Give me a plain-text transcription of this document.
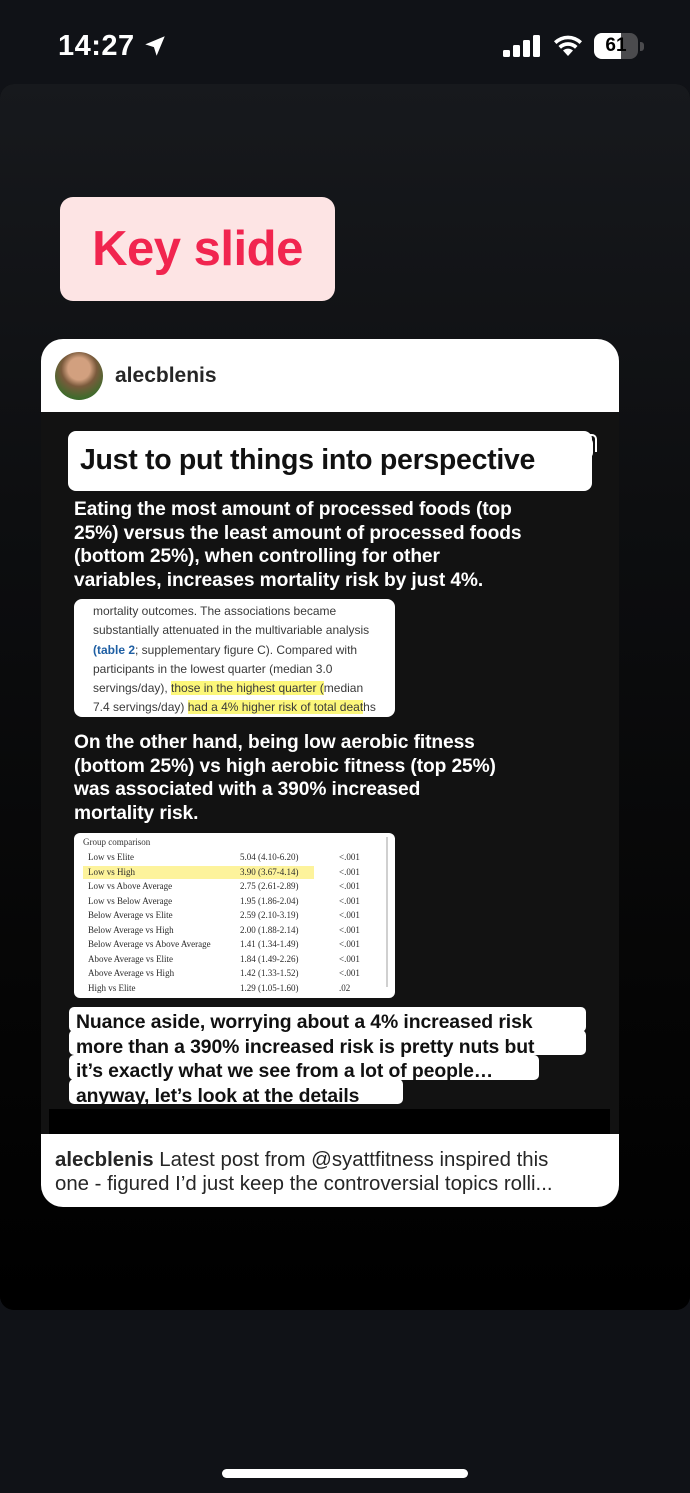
14:27	61
Key slide
alecblenis
Just to put things into perspective
Eating the most amount of processed foods (top
25%) versus the least amount of processed foods
(bottom 25%), when controlling for other
variables, increases mortality risk by just 4%.
mortality outcomes. The associations became
substantially attenuated in the multivariable analysis
(table 2; supplementary figure C). Compared with
participants in the lowest quarter (median 3.0
servings/day), those in the highest quarter (median
7.4 servings/day) had a 4% higher risk of total deaths
On the other hand, being low aerobic fitness
(bottom 25%) vs high aerobic fitness (top 25%)
was associated with a 390% increased
mortality risk.
Group comparison
Low vs Elite	5.04 (4.10-6.20)	<.001
Low vs High	3.90 (3.67-4.14)	<.001
Low vs Above Average	2.75 (2.61-2.89)	<.001
Low vs Below Average	1.95 (1.86-2.04)	<.001
Below Average vs Elite	2.59 (2.10-3.19)	<.001
Below Average vs High	2.00 (1.88-2.14)	<.001
Below Average vs Above Average	1.41 (1.34-1.49)	<.001
Above Average vs Elite	1.84 (1.49-2.26)	<.001
Above Average vs High	1.42 (1.33-1.52)	<.001
High vs Elite	1.29 (1.05-1.60)	.02
Nuance aside, worrying about a 4% increased risk
more than a 390% increased risk is pretty nuts but
it’s exactly what we see from a lot of people…
anyway, let’s look at the details
alecblenis Latest post from @syattfitness inspired this
one - figured I’d just keep the controversial topics rolli...
